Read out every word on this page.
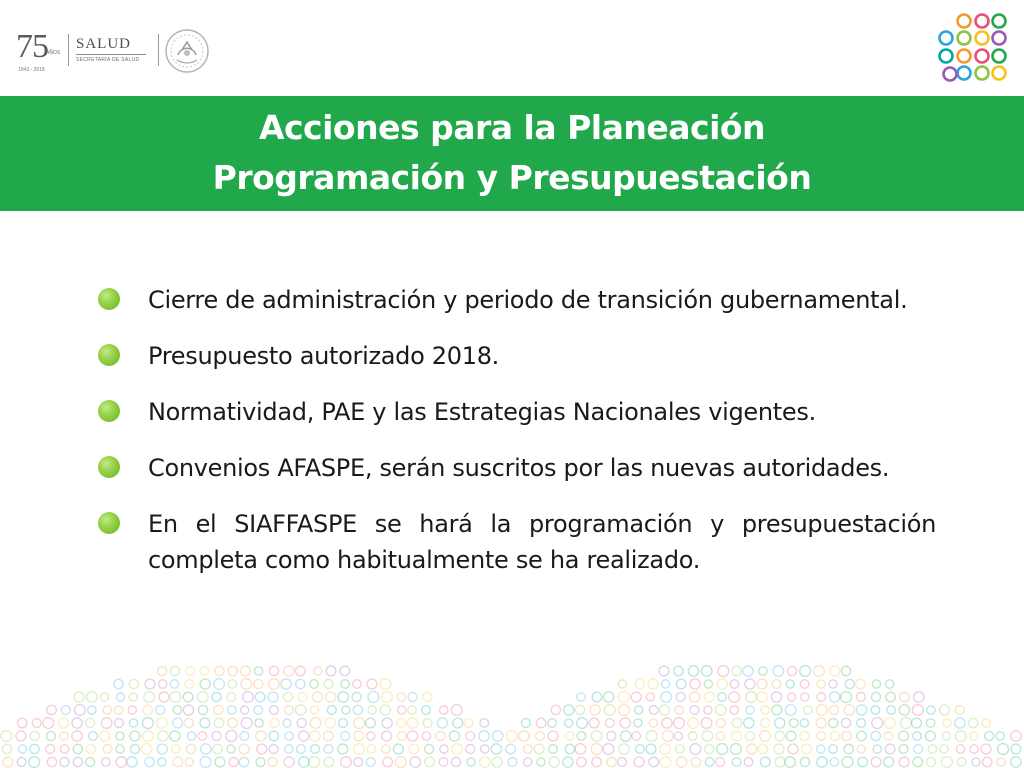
75
AÑOS
1943 - 2018
SALUD
SECRETARÍA DE SALUD
Acciones para la Planeación
Programación y Presupuestación
Cierre de administración y periodo de transición gubernamental.
Presupuesto autorizado 2018.
Normatividad, PAE y las Estrategias Nacionales vigentes.
Convenios AFASPE, serán suscritos por las nuevas autoridades.
En el SIAFFASPE se hará la programación y presupuestación completa como habitualmente se ha realizado.
